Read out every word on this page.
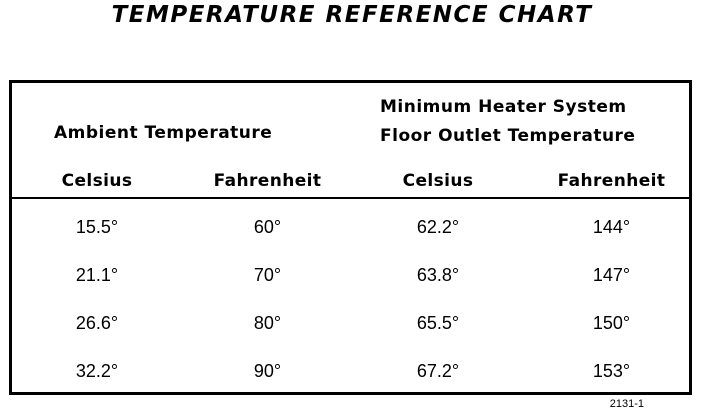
TEMPERATURE REFERENCE CHART
Ambient Temperature
Minimum Heater System
Floor Outlet Temperature
Celsius	Fahrenheit	Celsius	Fahrenheit
15.5°	60°	62.2°	144°
21.1°	70°	63.8°	147°
26.6°	80°	65.5°	150°
32.2°	90°	67.2°	153°
2131-1
